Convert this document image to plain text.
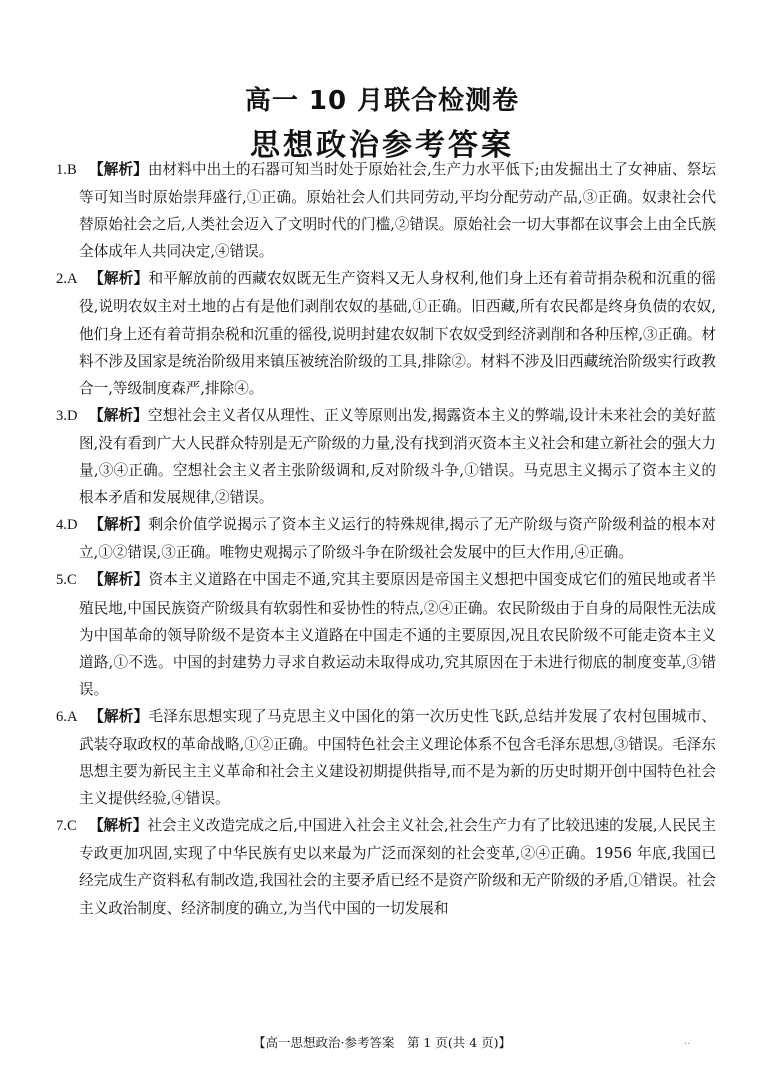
高一 10 月联合检测卷
思想政治参考答案

1.B 【解析】由材料中出土的石器可知当时处于原始社会,生产力水平低下;由发掘出土了女神庙、祭坛等可知当时原始崇拜盛行,①正确。原始社会人们共同劳动,平均分配劳动产品,③正确。奴隶社会代替原始社会之后,人类社会迈入了文明时代的门槛,②错误。原始社会一切大事都在议事会上由全氏族全体成年人共同决定,④错误。

2.A 【解析】和平解放前的西藏农奴既无生产资料又无人身权利,他们身上还有着苛捐杂税和沉重的徭役,说明农奴主对土地的占有是他们剥削农奴的基础,①正确。旧西藏,所有农民都是终身负债的农奴,他们身上还有着苛捐杂税和沉重的徭役,说明封建农奴制下农奴受到经济剥削和各种压榨,③正确。材料不涉及国家是统治阶级用来镇压被统治阶级的工具,排除②。材料不涉及旧西藏统治阶级实行政教合一,等级制度森严,排除④。

3.D 【解析】空想社会主义者仅从理性、正义等原则出发,揭露资本主义的弊端,设计未来社会的美好蓝图,没有看到广大人民群众特别是无产阶级的力量,没有找到消灭资本主义社会和建立新社会的强大力量,③④正确。空想社会主义者主张阶级调和,反对阶级斗争,①错误。马克思主义揭示了资本主义的根本矛盾和发展规律,②错误。

4.D 【解析】剩余价值学说揭示了资本主义运行的特殊规律,揭示了无产阶级与资产阶级利益的根本对立,①②错误,③正确。唯物史观揭示了阶级斗争在阶级社会发展中的巨大作用,④正确。

5.C 【解析】资本主义道路在中国走不通,究其主要原因是帝国主义想把中国变成它们的殖民地或者半殖民地,中国民族资产阶级具有软弱性和妥协性的特点,②④正确。农民阶级由于自身的局限性无法成为中国革命的领导阶级不是资本主义道路在中国走不通的主要原因,况且农民阶级不可能走资本主义道路,①不选。中国的封建势力寻求自救运动未取得成功,究其原因在于未进行彻底的制度变革,③错误。

6.A 【解析】毛泽东思想实现了马克思主义中国化的第一次历史性飞跃,总结并发展了农村包围城市、武装夺取政权的革命战略,①②正确。中国特色社会主义理论体系不包含毛泽东思想,③错误。毛泽东思想主要为新民主主义革命和社会主义建设初期提供指导,而不是为新的历史时期开创中国特色社会主义提供经验,④错误。

7.C 【解析】社会主义改造完成之后,中国进入社会主义社会,社会生产力有了比较迅速的发展,人民民主专政更加巩固,实现了中华民族有史以来最为广泛而深刻的社会变革,②④正确。1956 年底,我国已经完成生产资料私有制改造,我国社会的主要矛盾已经不是资产阶级和无产阶级的矛盾,①错误。社会主义政治制度、经济制度的确立,为当代中国的一切发展和

【高一思想政治·参考答案　第 1 页(共 4 页)】	..
